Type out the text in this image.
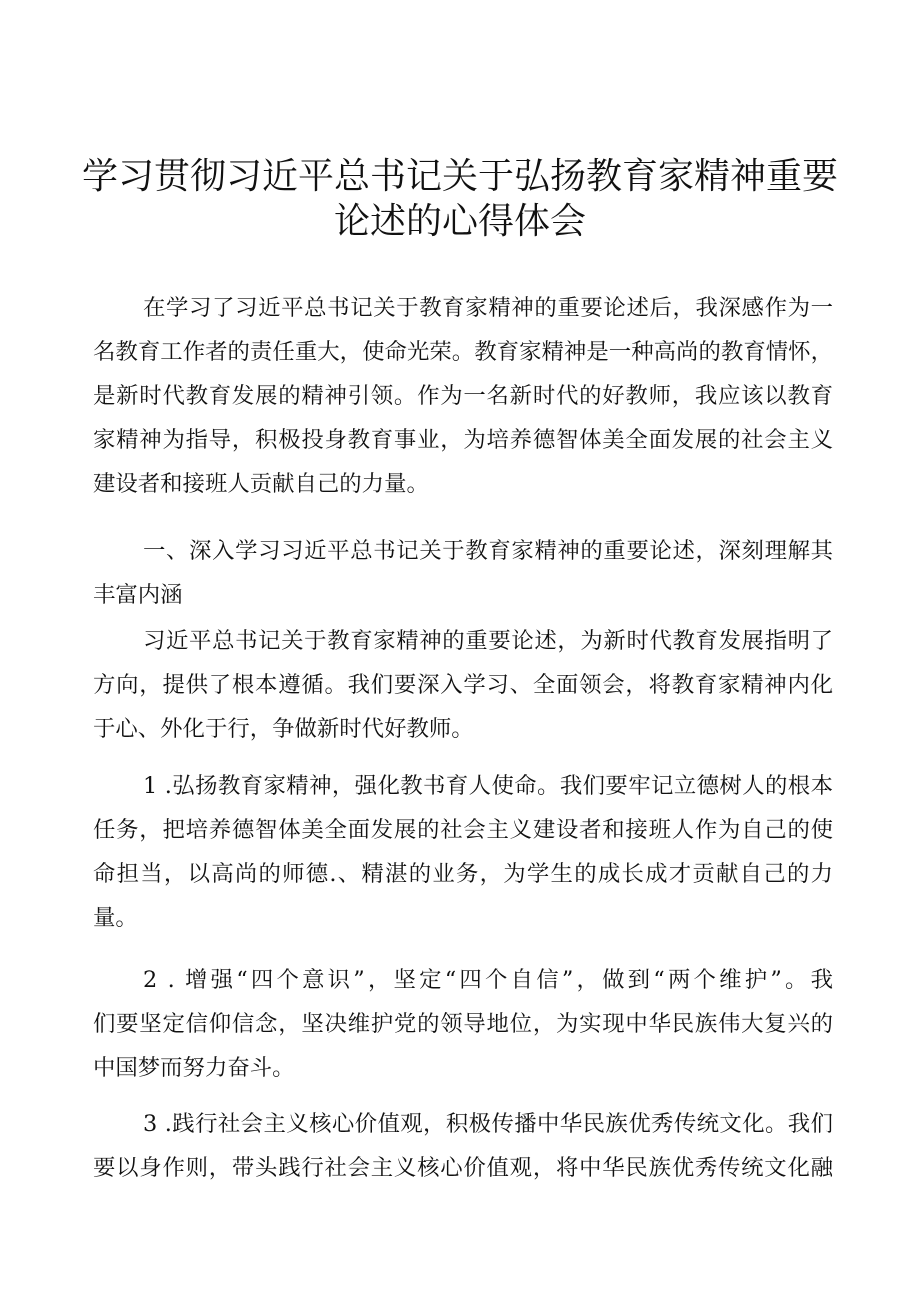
学习贯彻习近平总书记关于弘扬教育家精神重要
论述的心得体会
在学习了习近平总书记关于教育家精神的重要论述后，我深感作为一
名教育工作者的责任重大，使命光荣。教育家精神是一种高尚的教育情怀，
是新时代教育发展的精神引领。作为一名新时代的好教师，我应该以教育
家精神为指导，积极投身教育事业，为培养德智体美全面发展的社会主义
建设者和接班人贡献自己的力量。
一、深入学习习近平总书记关于教育家精神的重要论述，深刻理解其
丰富内涵
习近平总书记关于教育家精神的重要论述，为新时代教育发展指明了
方向，提供了根本遵循。我们要深入学习、全面领会，将教育家精神内化
于心、外化于行，争做新时代好教师。
1 .弘扬教育家精神，强化教书育人使命。我们要牢记立德树人的根本
任务，把培养德智体美全面发展的社会主义建设者和接班人作为自己的使
命担当，以高尚的师德.、精湛的业务，为学生的成长成才贡献自己的力
量。
2 . 增强“四个意识”，坚定“四个自信”，做到“两个维护”。我
们要坚定信仰信念，坚决维护党的领导地位，为实现中华民族伟大复兴的
中国梦而努力奋斗。
3 .践行社会主义核心价值观，积极传播中华民族优秀传统文化。我们
要以身作则，带头践行社会主义核心价值观，将中华民族优秀传统文化融
